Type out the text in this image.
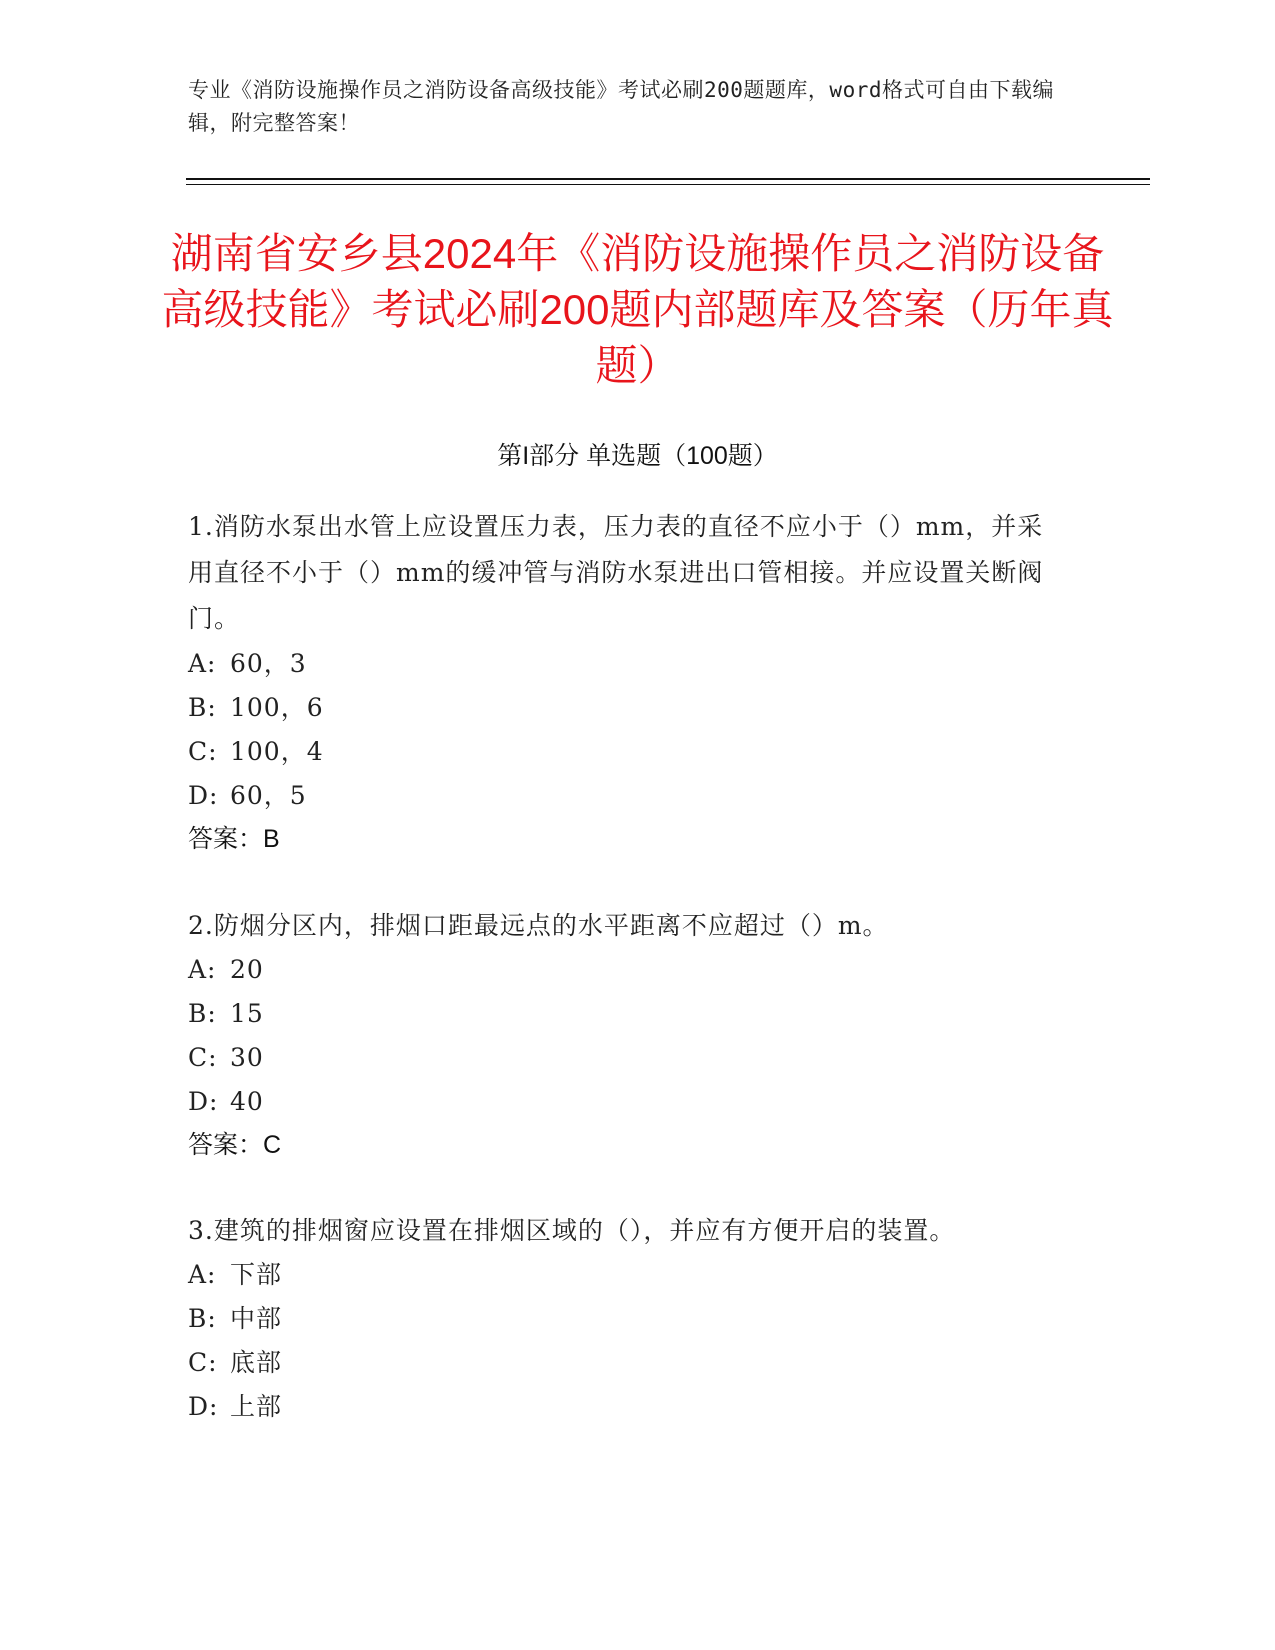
专业《消防设施操作员之消防设备高级技能》考试必刷200题题库，word格式可自由下载编辑，附完整答案！
湖南省安乡县2024年《消防设施操作员之消防设备高级技能》考试必刷200题内部题库及答案（历年真题）
第I部分 单选题（100题）
1.消防水泵出水管上应设置压力表，压力表的直径不应小于（）mm，并采用直径不小于（）mm的缓冲管与消防水泵进出口管相接。并应设置关断阀门。
A: 60，3
B: 100，6
C: 100，4
D: 60，5
答案：B
2.防烟分区内，排烟口距最远点的水平距离不应超过（）m。
A: 20
B: 15
C: 30
D: 40
答案：C
3.建筑的排烟窗应设置在排烟区域的（），并应有方便开启的装置。
A: 下部
B: 中部
C: 底部
D: 上部
